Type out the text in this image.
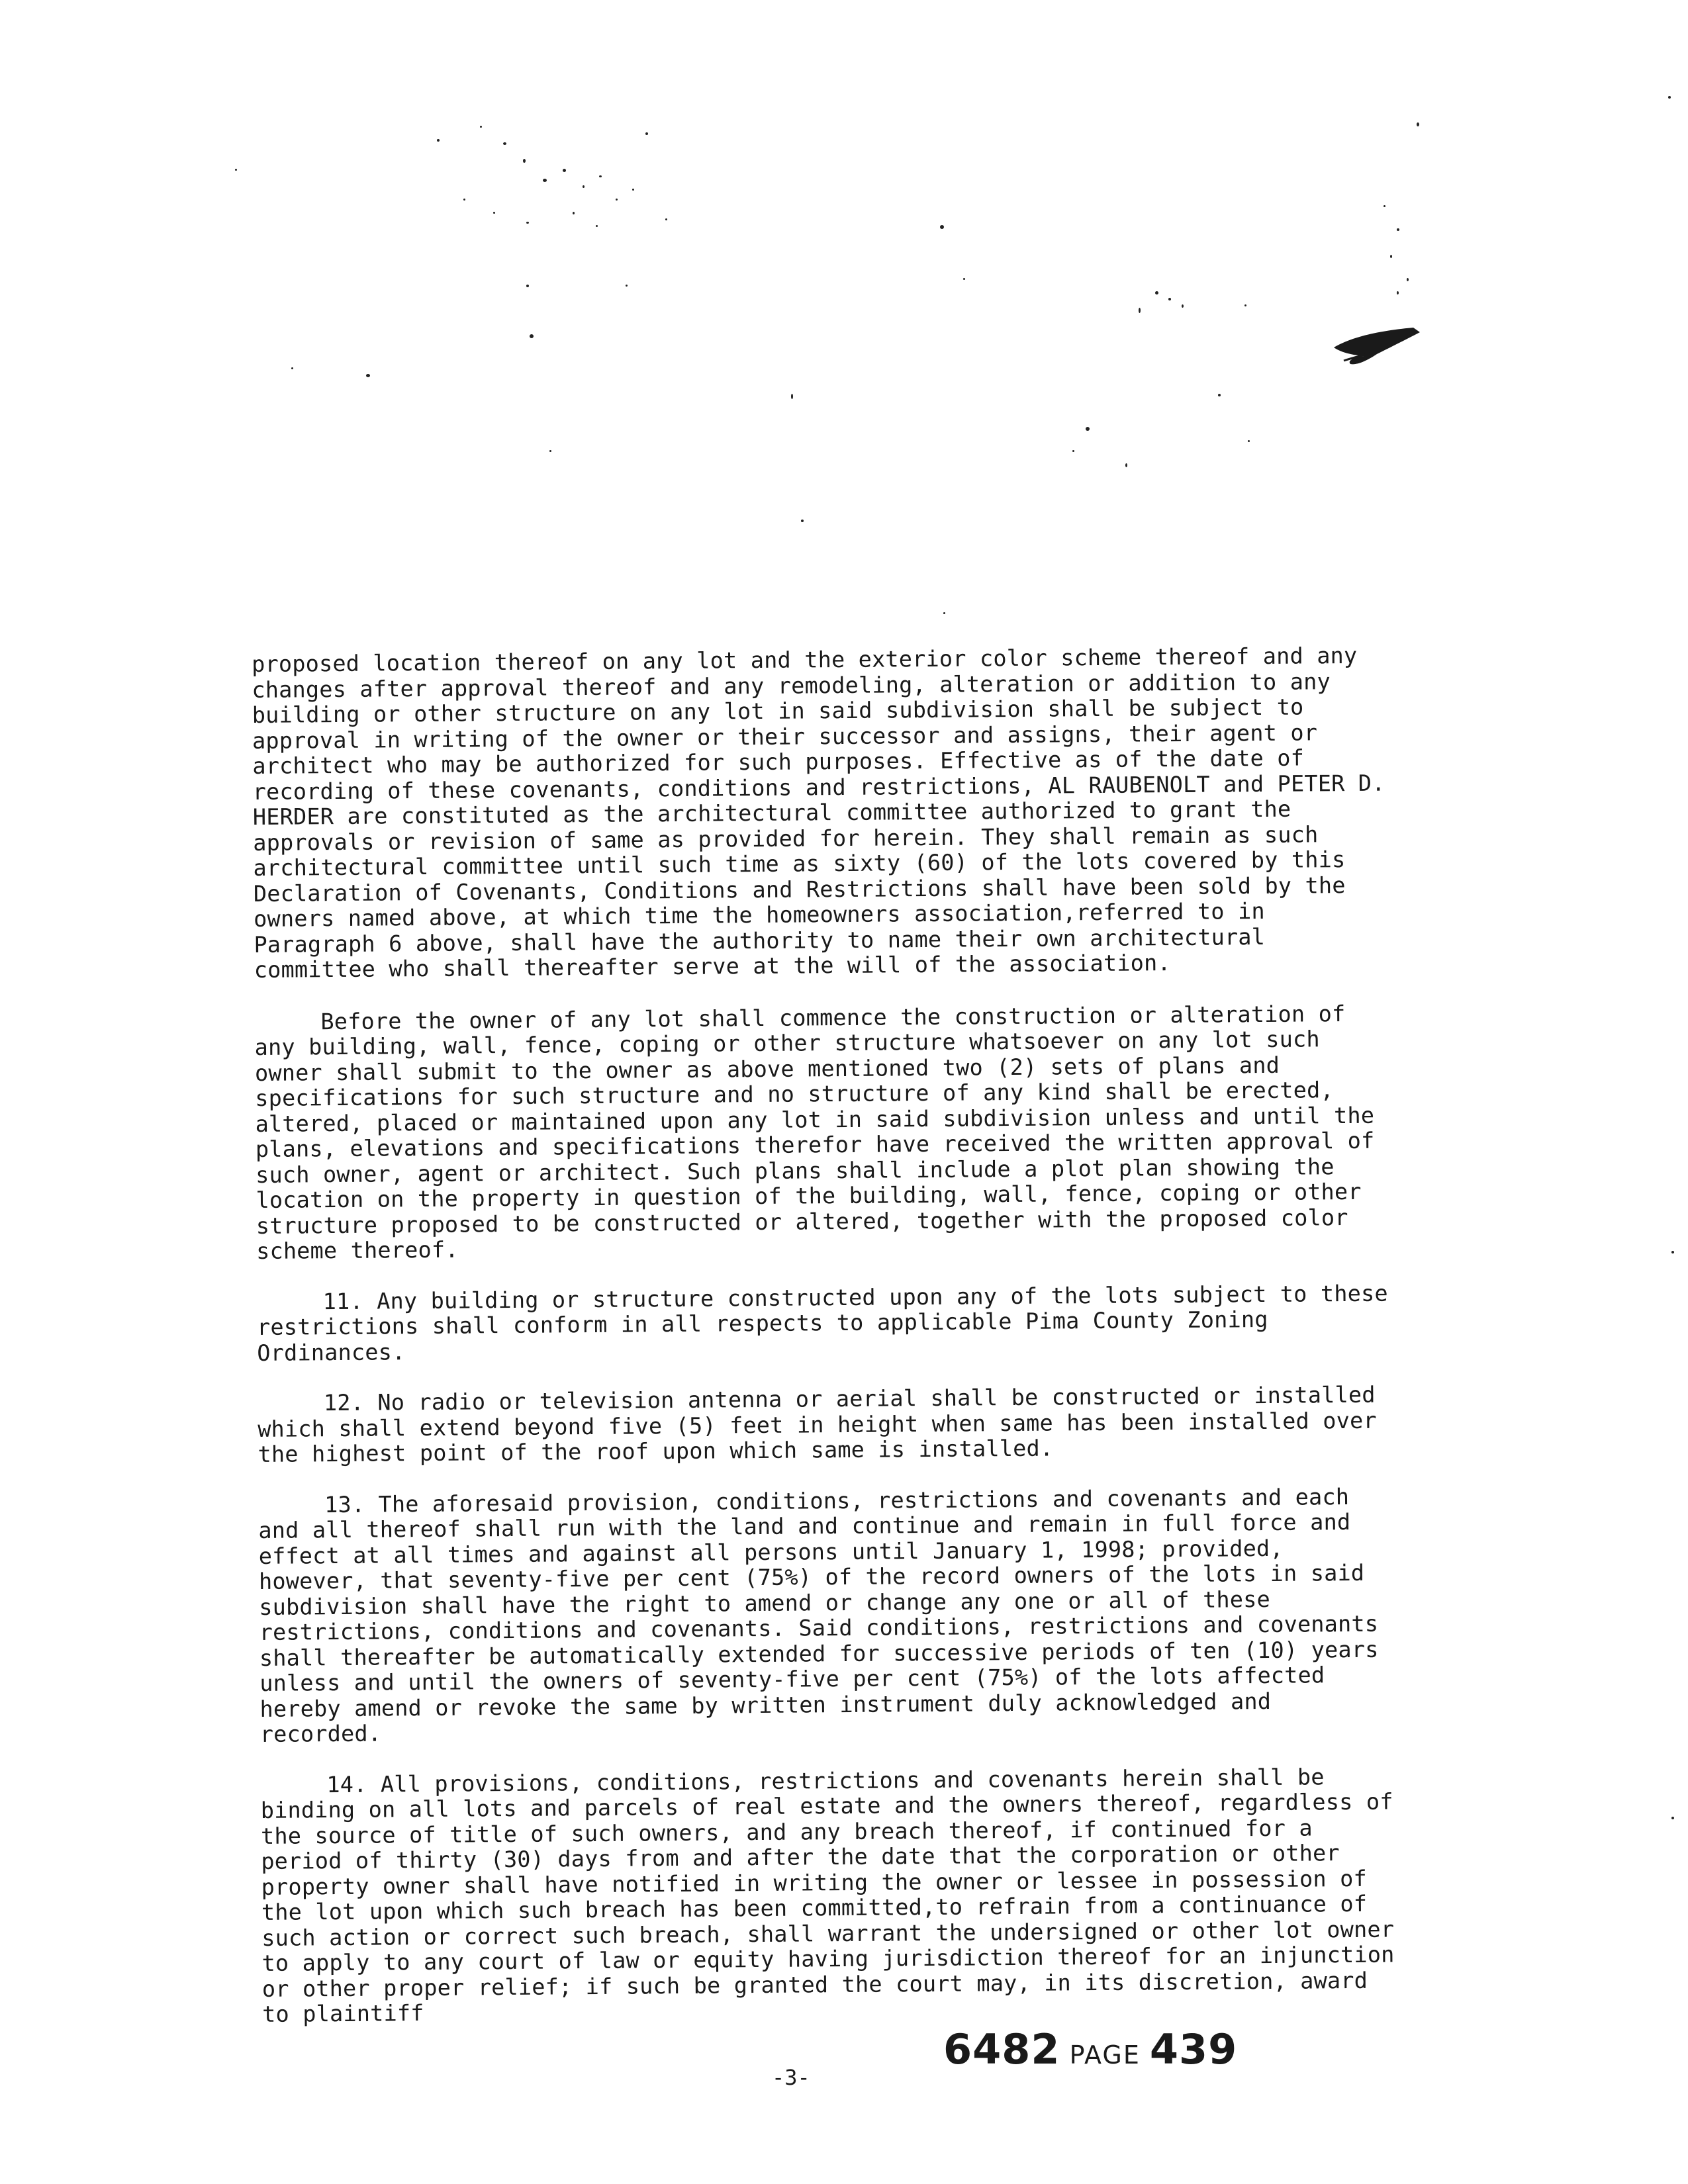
proposed location thereof on any lot and the exterior color scheme thereof and any changes after approval thereof and any remodeling, alteration or addition to any building or other structure on any lot in said subdivision shall be subject to approval in writing of the owner or their successor and assigns, their agent or architect who may be authorized for such purposes. Effective as of the date of recording of these covenants, conditions and restrictions, AL RAUBENOLT and PETER D. HERDER are constituted as the architectural committee authorized to grant the approvals or revision of same as provided for herein. They shall remain as such architectural committee until such time as sixty (60) of the lots covered by this Declaration of Covenants, Conditions and Restrictions shall have been sold by the owners named above, at which time the homeowners association,referred to in Paragraph 6 above, shall have the authority to name their own architectural committee who shall thereafter serve at the will of the association.

Before the owner of any lot shall commence the construction or alteration of any building, wall, fence, coping or other structure whatsoever on any lot such owner shall submit to the owner as above mentioned two (2) sets of plans and specifications for such structure and no structure of any kind shall be erected, altered, placed or maintained upon any lot in said subdivision unless and until the plans, elevations and specifications therefor have received the written approval of such owner, agent or architect. Such plans shall include a plot plan showing the location on the property in question of the building, wall, fence, coping or other structure proposed to be constructed or altered, together with the proposed color scheme thereof.

11. Any building or structure constructed upon any of the lots subject to these restrictions shall conform in all respects to applicable Pima County Zoning Ordinances.

12. No radio or television antenna or aerial shall be constructed or installed which shall extend beyond five (5) feet in height when same has been installed over the highest point of the roof upon which same is installed.

13. The aforesaid provision, conditions, restrictions and covenants and each and all thereof shall run with the land and continue and remain in full force and effect at all times and against all persons until January 1, 1998; provided, however, that seventy-five per cent (75%) of the record owners of the lots in said subdivision shall have the right to amend or change any one or all of these restrictions, conditions and covenants. Said conditions, restrictions and covenants shall thereafter be automatically extended for successive periods of ten (10) years unless and until the owners of seventy-five per cent (75%) of the lots affected hereby amend or revoke the same by written instrument duly acknowledged and recorded.

14. All provisions, conditions, restrictions and covenants herein shall be binding on all lots and parcels of real estate and the owners thereof, regardless of the source of title of such owners, and any breach thereof, if continued for a period of thirty (30) days from and after the date that the corporation or other property owner shall have notified in writing the owner or lessee in possession of the lot upon which such breach has been committed,to refrain from a continuance of such action or correct such breach, shall warrant the undersigned or other lot owner to apply to any court of law or equity having jurisdiction thereof for an injunction or other proper relief; if such be granted the court may, in its discretion, award to plaintiff

-3-
6482 PAGE 439
